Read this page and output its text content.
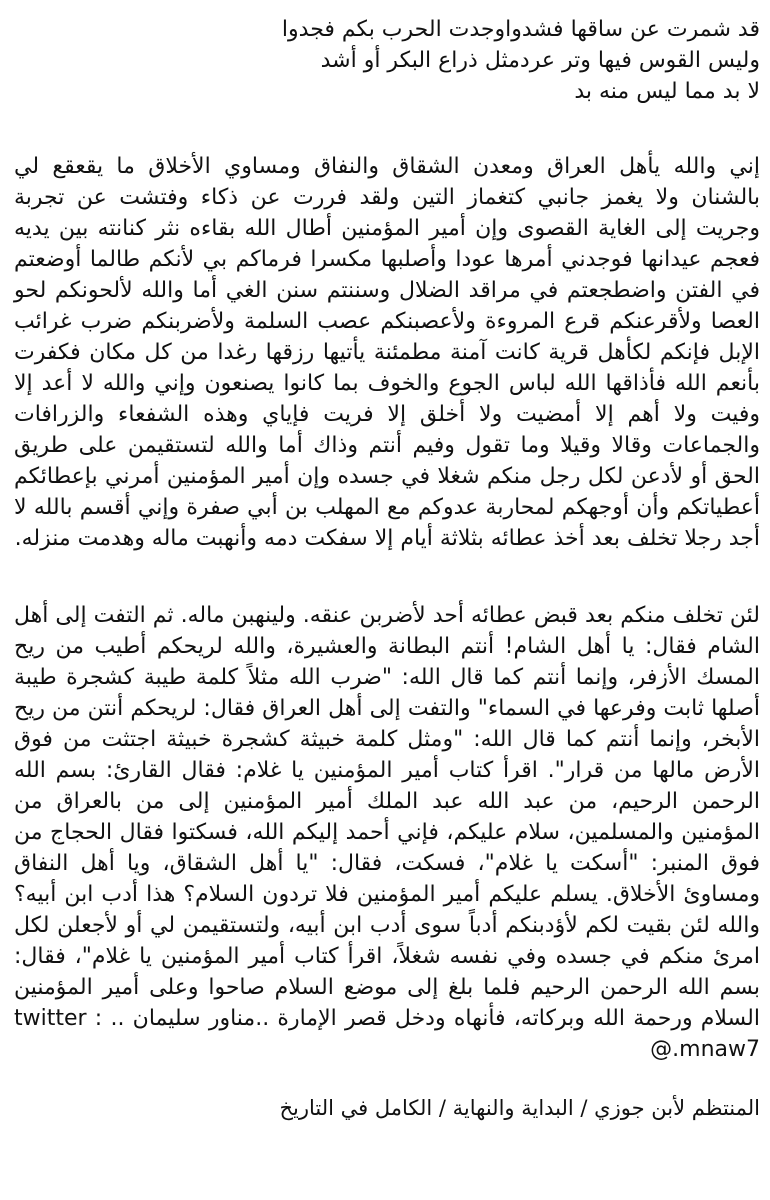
قد شمرت عن ساقها فشدواوجدت الحرب بكم فجدوا

وليس القوس فيها وتر عردمثل ذراع البكر أو أشد

لا بد مما ليس منه بد

إني والله يأهل العراق ومعدن الشقاق والنفاق ومساوي الأخلاق ما يقعقع لي بالشنان ولا يغمز جانبي كتغماز التين ولقد فررت عن ذكاء وفتشت عن تجربة وجريت إلى الغاية القصوى وإن أمير المؤمنين أطال الله بقاءه نثر كنانته بين يديه فعجم عيدانها فوجدني أمرها عودا وأصلبها مكسرا فرماكم بي لأنكم طالما أوضعتم في الفتن واضطجعتم في مراقد الضلال وسننتم سنن الغي أما والله لألحونكم لحو العصا ولأقرعنكم قرع المروءة ولأعصبنكم عصب السلمة ولأضربنكم ضرب غرائب الإبل فإنكم لكأهل قرية كانت آمنة مطمئنة يأتيها رزقها رغدا من كل مكان فكفرت بأنعم الله فأذاقها الله لباس الجوع والخوف بما كانوا يصنعون وإني والله لا أعد إلا وفيت ولا أهم إلا أمضيت ولا أخلق إلا فريت فإياي وهذه الشفعاء والزرافات والجماعات وقالا وقيلا وما تقول وفيم أنتم وذاك أما والله لتستقيمن على طريق الحق أو لأدعن لكل رجل منكم شغلا في جسده وإن أمير المؤمنين أمرني بإعطائكم أعطياتكم وأن أوجهكم لمحاربة عدوكم مع المهلب بن أبي صفرة وإني أقسم بالله لا أجد رجلا تخلف بعد أخذ عطائه بثلاثة أيام إلا سفكت دمه وأنهبت ماله وهدمت منزله.

لئن تخلف منكم بعد قبض عطائه أحد لأضربن عنقه. ولينهبن ماله. ثم التفت إلى أهل الشام فقال: يا أهل الشام! أنتم البطانة والعشيرة، والله لريحكم أطيب من ريح المسك الأزفر، وإنما أنتم كما قال الله: "ضرب الله مثلاً كلمة طيبة كشجرة طيبة أصلها ثابت وفرعها في السماء" والتفت إلى أهل العراق فقال: لريحكم أنتن من ريح الأبخر، وإنما أنتم كما قال الله: "ومثل كلمة خبيثة كشجرة خبيثة اجتثت من فوق الأرض مالها من قرار". اقرأ كتاب أمير المؤمنين يا غلام: فقال القارئ: بسم الله الرحمن الرحيم، من عبد الله عبد الملك أمير المؤمنين إلى من بالعراق من المؤمنين والمسلمين، سلام عليكم، فإني أحمد إليكم الله، فسكتوا فقال الحجاج من فوق المنبر: "أسكت يا غلام"، فسكت، فقال: "يا أهل الشقاق، ويا أهل النفاق ومساوئ الأخلاق. يسلم عليكم أمير المؤمنين فلا تردون السلام؟ هذا أدب ابن أبيه؟ والله لئن بقيت لكم لأؤدبنكم أدباً سوى أدب ابن أبيه، ولتستقيمن لي أو لأجعلن لكل امرئ منكم في جسده وفي نفسه شغلاً، اقرأ كتاب أمير المؤمنين يا غلام"، فقال: بسم الله الرحمن الرحيم فلما بلغ إلى موضع السلام صاحوا وعلى أمير المؤمنين السلام ورحمة الله وبركاته، فأنهاه ودخل قصر الإمارة ..مناور سليمان .. twitter : @.mnaw7

المنتظم لأبن جوزي / البداية والنهاية / الكامل في التاريخ
